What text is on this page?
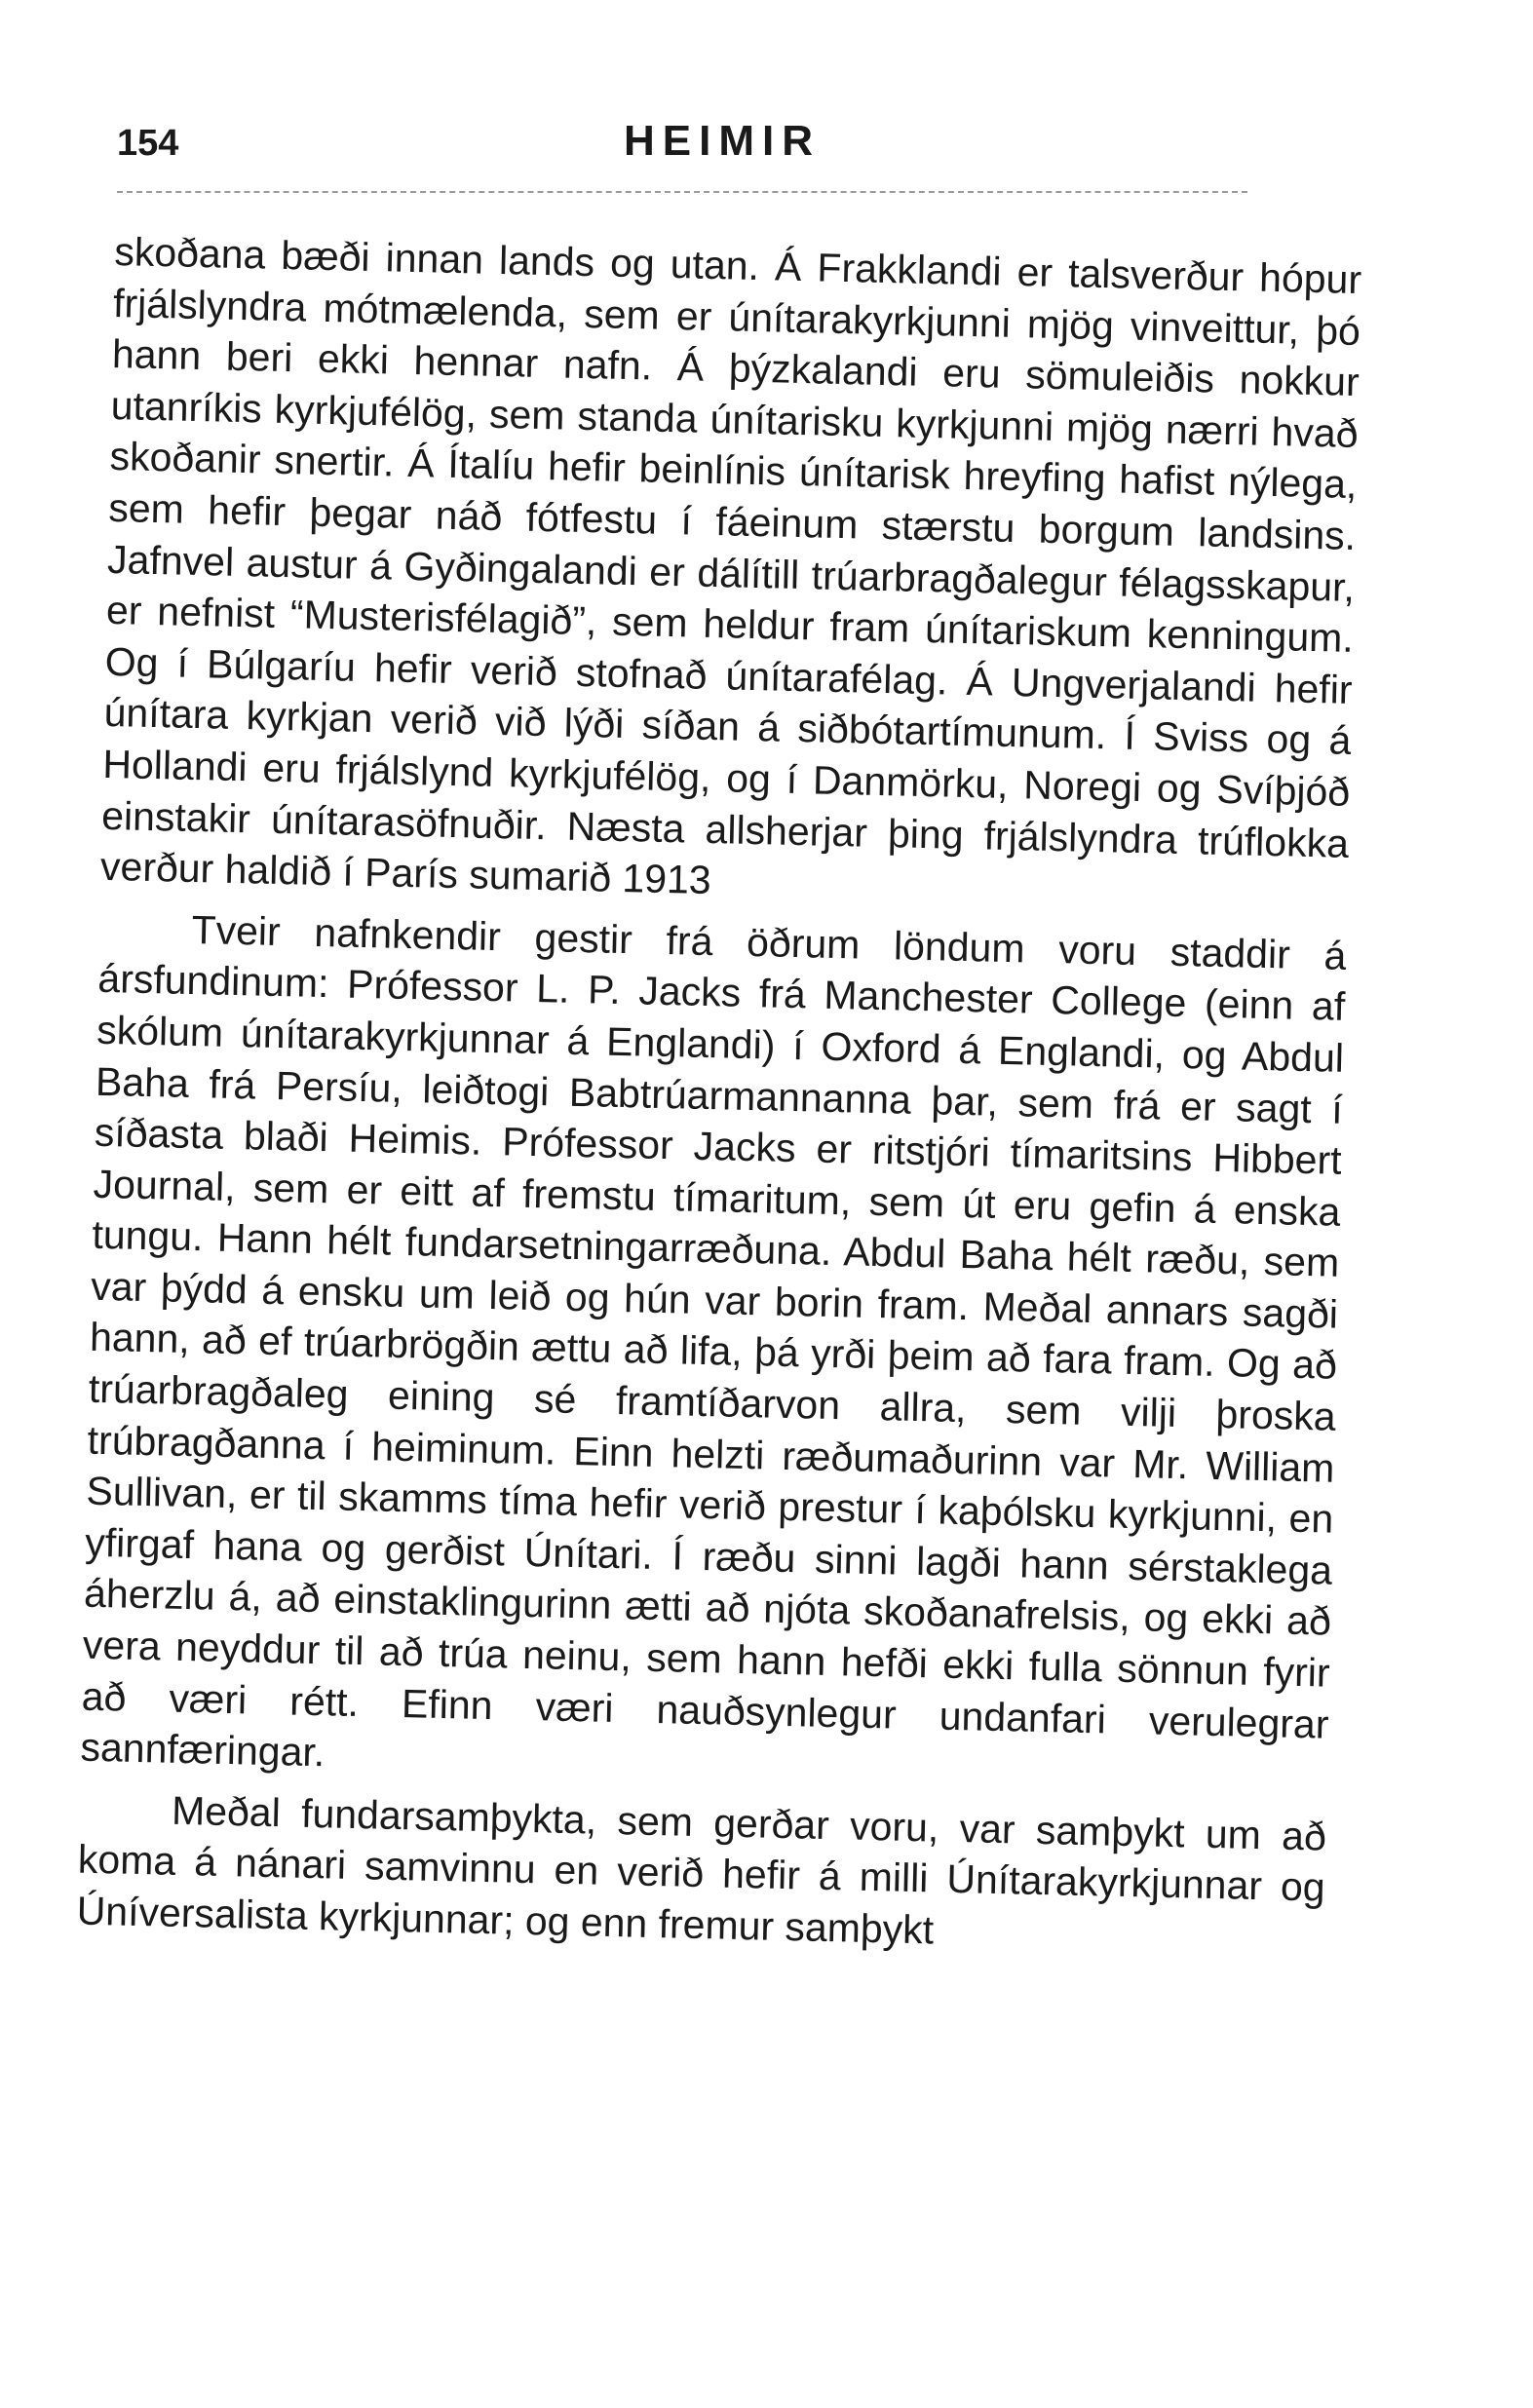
154	HEIMIR

skoðana bæði innan lands og utan. Á Frakklandi er talsverður hópur frjálslyndra mótmælenda, sem er únítarakyrkjunni mjög vinveittur, þó hann beri ekki hennar nafn. Á þýzkalandi eru sömuleiðis nokkur utanríkis kyrkjufélög, sem standa únítarisku kyrkjunni mjög nærri hvað skoðanir snertir. Á Ítalíu hefir beinlínis únítarisk hreyfing hafist nýlega, sem hefir þegar náð fótfestu í fáeinum stærstu borgum landsins. Jafnvel austur á Gyðingalandi er dálítill trúarbragðalegur félagsskapur, er nefnist “Musterisfélagið”, sem heldur fram únítariskum kenningum. Og í Búlgaríu hefir verið stofnað únítarafélag. Á Ungverjalandi hefir únítara kyrkjan verið við lýði síðan á siðbótartímunum. Í Sviss og á Hollandi eru frjálslynd kyrkjufélög, og í Danmörku, Noregi og Svíþjóð einstakir únítarasöfnuðir. Næsta allsherjar þing frjálslyndra trúflokka verður haldið í París sumarið 1913

Tveir nafnkendir gestir frá öðrum löndum voru staddir á ársfundinum: Prófessor L. P. Jacks frá Manchester College (einn af skólum únítarakyrkjunnar á Englandi) í Oxford á Englandi, og Abdul Baha frá Persíu, leiðtogi Babtrúarmannanna þar, sem frá er sagt í síðasta blaði Heimis. Prófessor Jacks er ritstjóri tímaritsins Hibbert Journal, sem er eitt af fremstu tímaritum, sem út eru gefin á enska tungu. Hann hélt fundarsetningarræðuna. Abdul Baha hélt ræðu, sem var þýdd á ensku um leið og hún var borin fram. Meðal annars sagði hann, að ef trúarbrögðin ættu að lifa, þá yrði þeim að fara fram. Og að trúarbragðaleg eining sé framtíðarvon allra, sem vilji þroska trúbragðanna í heiminum. Einn helzti ræðumaðurinn var Mr. William Sullivan, er til skamms tíma hefir verið prestur í kaþólsku kyrkjunni, en yfirgaf hana og gerðist Únítari. Í ræðu sinni lagði hann sérstaklega áherzlu á, að einstaklingurinn ætti að njóta skoðanafrelsis, og ekki að vera neyddur til að trúa neinu, sem hann hefði ekki fulla sönnun fyrir að væri rétt. Efinn væri nauðsynlegur undanfari verulegrar sannfæringar.

Meðal fundarsamþykta, sem gerðar voru, var samþykt um að koma á nánari samvinnu en verið hefir á milli Únítarakyrkjunnar og Úníversalista kyrkjunnar; og enn fremur samþykt
